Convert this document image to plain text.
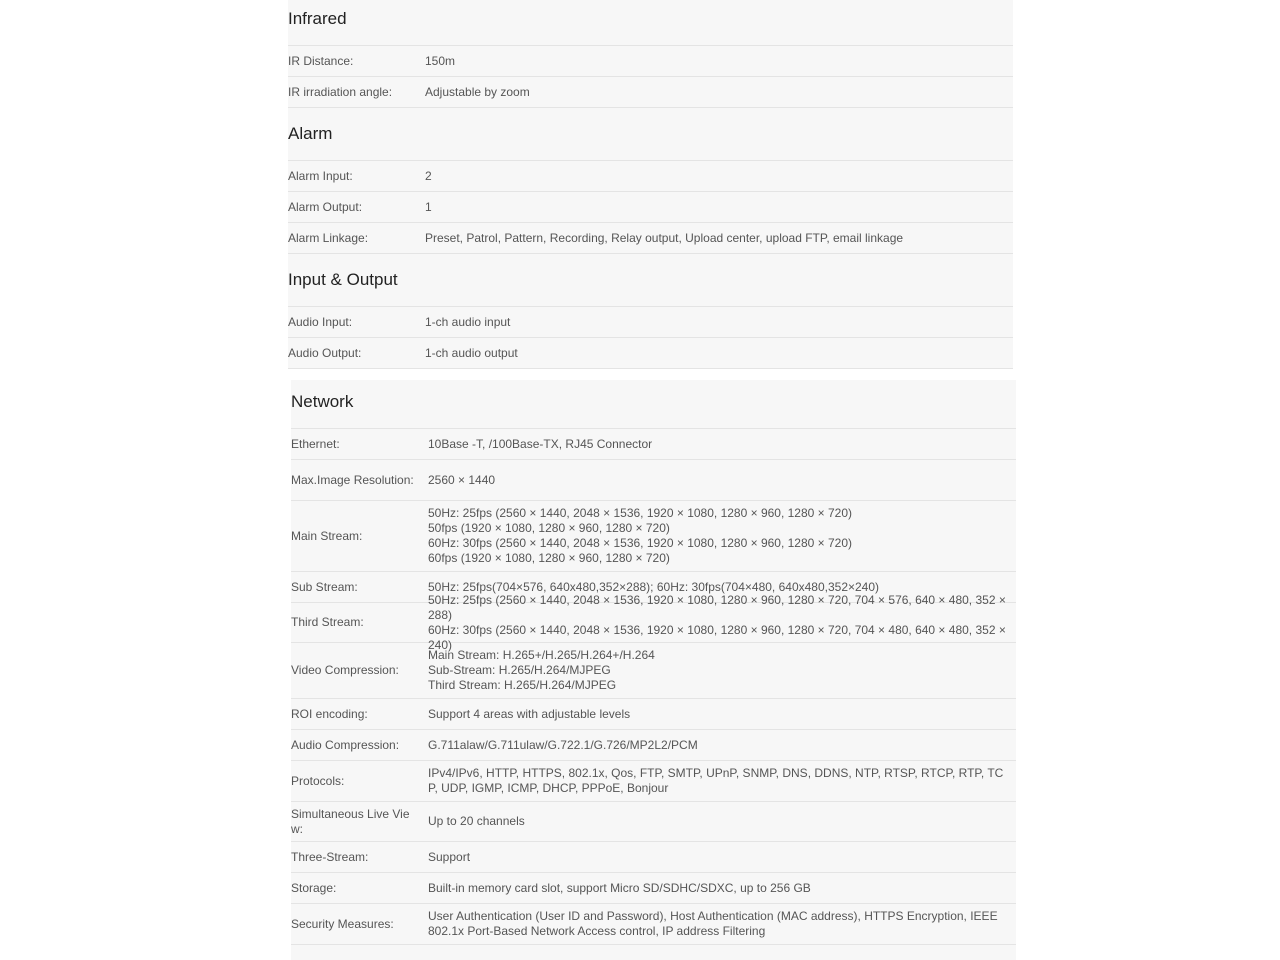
Infrared
IR Distance:	150m
IR irradiation angle:	Adjustable by zoom
Alarm
Alarm Input:	2
Alarm Output:	1
Alarm Linkage:	Preset, Patrol, Pattern, Recording, Relay output, Upload center, upload FTP, email linkage
Input & Output
Audio Input:	1-ch audio input
Audio Output:	1-ch audio output
Network
Ethernet:	10Base -T, /100Base-TX, RJ45 Connector
Max.Image Resolution:	2560 × 1440
Main Stream:
50Hz: 25fps (2560 × 1440, 2048 × 1536, 1920 × 1080, 1280 × 960, 1280 × 720)
50fps (1920 × 1080, 1280 × 960, 1280 × 720)
60Hz: 30fps (2560 × 1440, 2048 × 1536, 1920 × 1080, 1280 × 960, 1280 × 720)
60fps (1920 × 1080, 1280 × 960, 1280 × 720)
Sub Stream:	50Hz: 25fps(704×576, 640x480,352×288); 60Hz: 30fps(704×480, 640x480,352×240)
Third Stream:
50Hz: 25fps (2560 × 1440, 2048 × 1536, 1920 × 1080, 1280 × 960, 1280 × 720, 704 × 576, 640 × 480, 352 × 288)
60Hz: 30fps (2560 × 1440, 2048 × 1536, 1920 × 1080, 1280 × 960, 1280 × 720, 704 × 480, 640 × 480, 352 × 240)
Video Compression:
Main Stream: H.265+/H.265/H.264+/H.264
Sub-Stream: H.265/H.264/MJPEG
Third Stream: H.265/H.264/MJPEG
ROI encoding:	Support 4 areas with adjustable levels
Audio Compression:	G.711alaw/G.711ulaw/G.722.1/G.726/MP2L2/PCM
Protocols:
IPv4/IPv6, HTTP, HTTPS, 802.1x, Qos, FTP, SMTP, UPnP, SNMP, DNS, DDNS, NTP, RTSP, RTCP, RTP, TCP, UDP, IGMP, ICMP, DHCP, PPPoE, Bonjour
Simultaneous Live View:
Up to 20 channels
Three-Stream:	Support
Storage:	Built-in memory card slot, support Micro SD/SDHC/SDXC, up to 256 GB
Security Measures:
User Authentication (User ID and Password), Host Authentication (MAC address), HTTPS Encryption, IEEE 802.1x Port-Based Network Access control, IP address Filtering
